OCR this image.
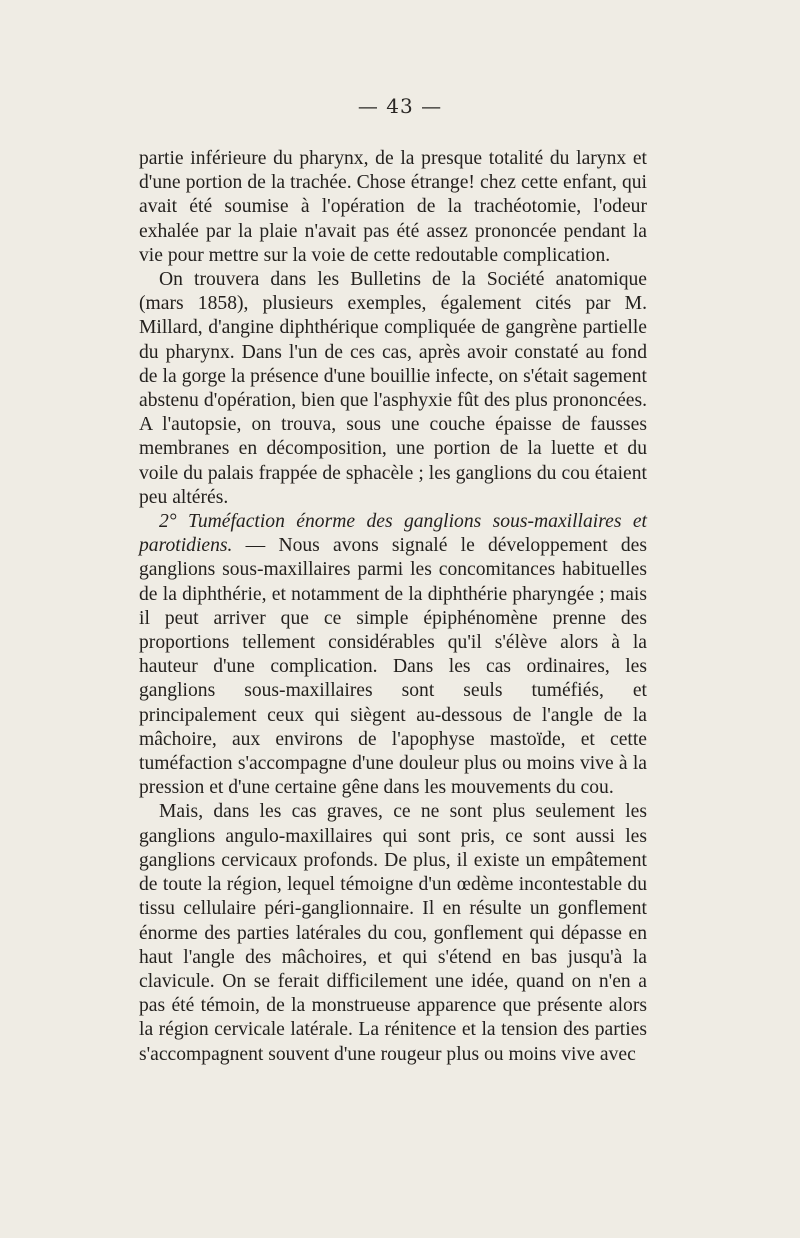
— 43 —

partie inférieure du pharynx, de la presque totalité du larynx et d'une portion de la trachée. Chose étrange! chez cette enfant, qui avait été soumise à l'opération de la trachéotomie, l'odeur exhalée par la plaie n'avait pas été assez prononcée pendant la vie pour mettre sur la voie de cette redoutable complication.

On trouvera dans les Bulletins de la Société anatomique (mars 1858), plusieurs exemples, également cités par M. Millard, d'angine diphthérique compliquée de gangrène partielle du pharynx. Dans l'un de ces cas, après avoir constaté au fond de la gorge la présence d'une bouillie infecte, on s'était sagement abstenu d'opération, bien que l'asphyxie fût des plus prononcées. A l'autopsie, on trouva, sous une couche épaisse de fausses membranes en décomposition, une portion de la luette et du voile du palais frappée de sphacèle ; les ganglions du cou étaient peu altérés.

2° Tuméfaction énorme des ganglions sous-maxillaires et parotidiens. — Nous avons signalé le développement des ganglions sous-maxillaires parmi les concomitances habituelles de la diphthérie, et notamment de la diphthérie pharyngée ; mais il peut arriver que ce simple épiphénomène prenne des proportions tellement considérables qu'il s'élève alors à la hauteur d'une complication. Dans les cas ordinaires, les ganglions sous-maxillaires sont seuls tuméfiés, et principalement ceux qui siègent au-dessous de l'angle de la mâchoire, aux environs de l'apophyse mastoïde, et cette tuméfaction s'accompagne d'une douleur plus ou moins vive à la pression et d'une certaine gêne dans les mouvements du cou.

Mais, dans les cas graves, ce ne sont plus seulement les ganglions angulo-maxillaires qui sont pris, ce sont aussi les ganglions cervicaux profonds. De plus, il existe un empâtement de toute la région, lequel témoigne d'un œdème incontestable du tissu cellulaire péri-ganglionnaire. Il en résulte un gonflement énorme des parties latérales du cou, gonflement qui dépasse en haut l'angle des mâchoires, et qui s'étend en bas jusqu'à la clavicule. On se ferait difficilement une idée, quand on n'en a pas été témoin, de la monstrueuse apparence que présente alors la région cervicale latérale. La rénitence et la tension des parties s'accompagnent souvent d'une rougeur plus ou moins vive avec
